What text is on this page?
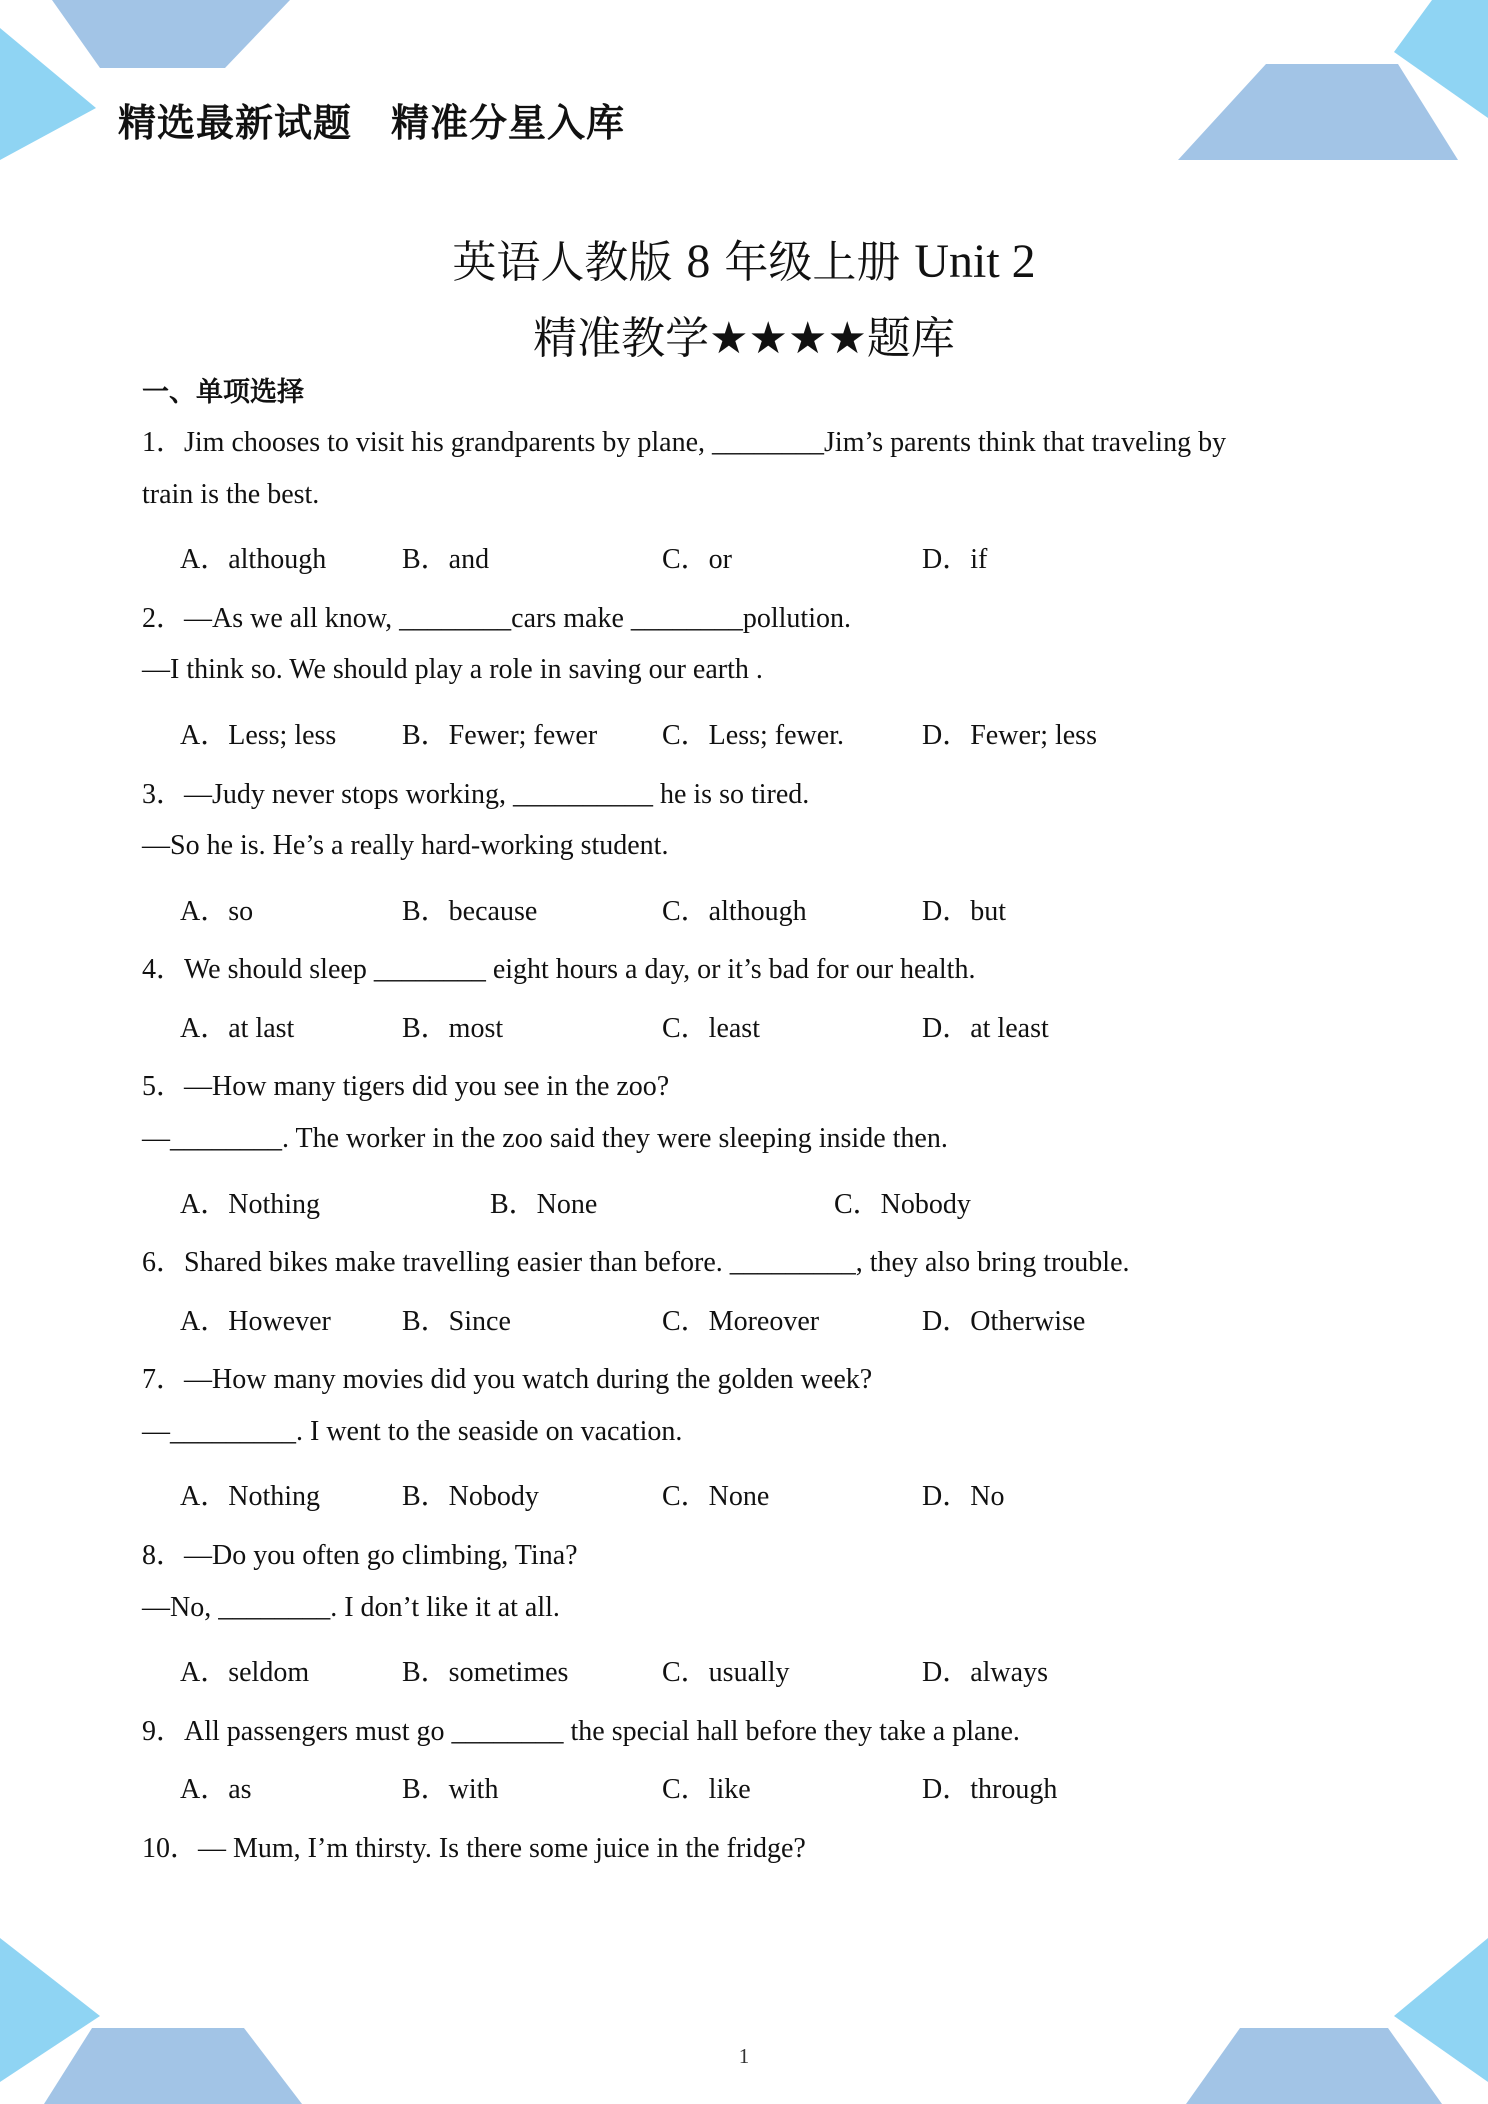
精选最新试题　精准分星入库
英语人教版 8 年级上册 Unit 2
精准教学★★★★题库
一、单项选择
1．Jim chooses to visit his grandparents by plane, ________Jim’s parents think that traveling by
train is the best.
A．although	B．and	C．or	D．if
2．—As we all know, ________cars make ________pollution.
—I think so. We should play a role in saving our earth .
A．Less; less B．Fewer; fewer C．Less; fewer.	D．Fewer; less
3．—Judy never stops working, __________ he is so tired.
—So he is. He’s a really hard-working student.
A．so	B．because	C．although	D．but
4．We should sleep ________ eight hours a day, or it’s bad for our health.
A．at last	B．most	C．least	D．at least
5．—How many tigers did you see in the zoo?
—________. The worker in the zoo said they were sleeping inside then.
A．Nothing	B．None	C．Nobody
6．Shared bikes make travelling easier than before. _________, they also bring trouble.
A．However	B．Since	C．Moreover	D．Otherwise
7．—How many movies did you watch during the golden week?
—_________. I went to the seaside on vacation.
A．Nothing	B．Nobody	C．None	D．No
8．—Do you often go climbing, Tina?
—No, ________. I don’t like it at all.
A．seldom	B．sometimes	C．usually	D．always
9．All passengers must go ________ the special hall before they take a plane.
A．as	B．with	C．like	D．through
10．— Mum, I’m thirsty. Is there some juice in the fridge?
1
